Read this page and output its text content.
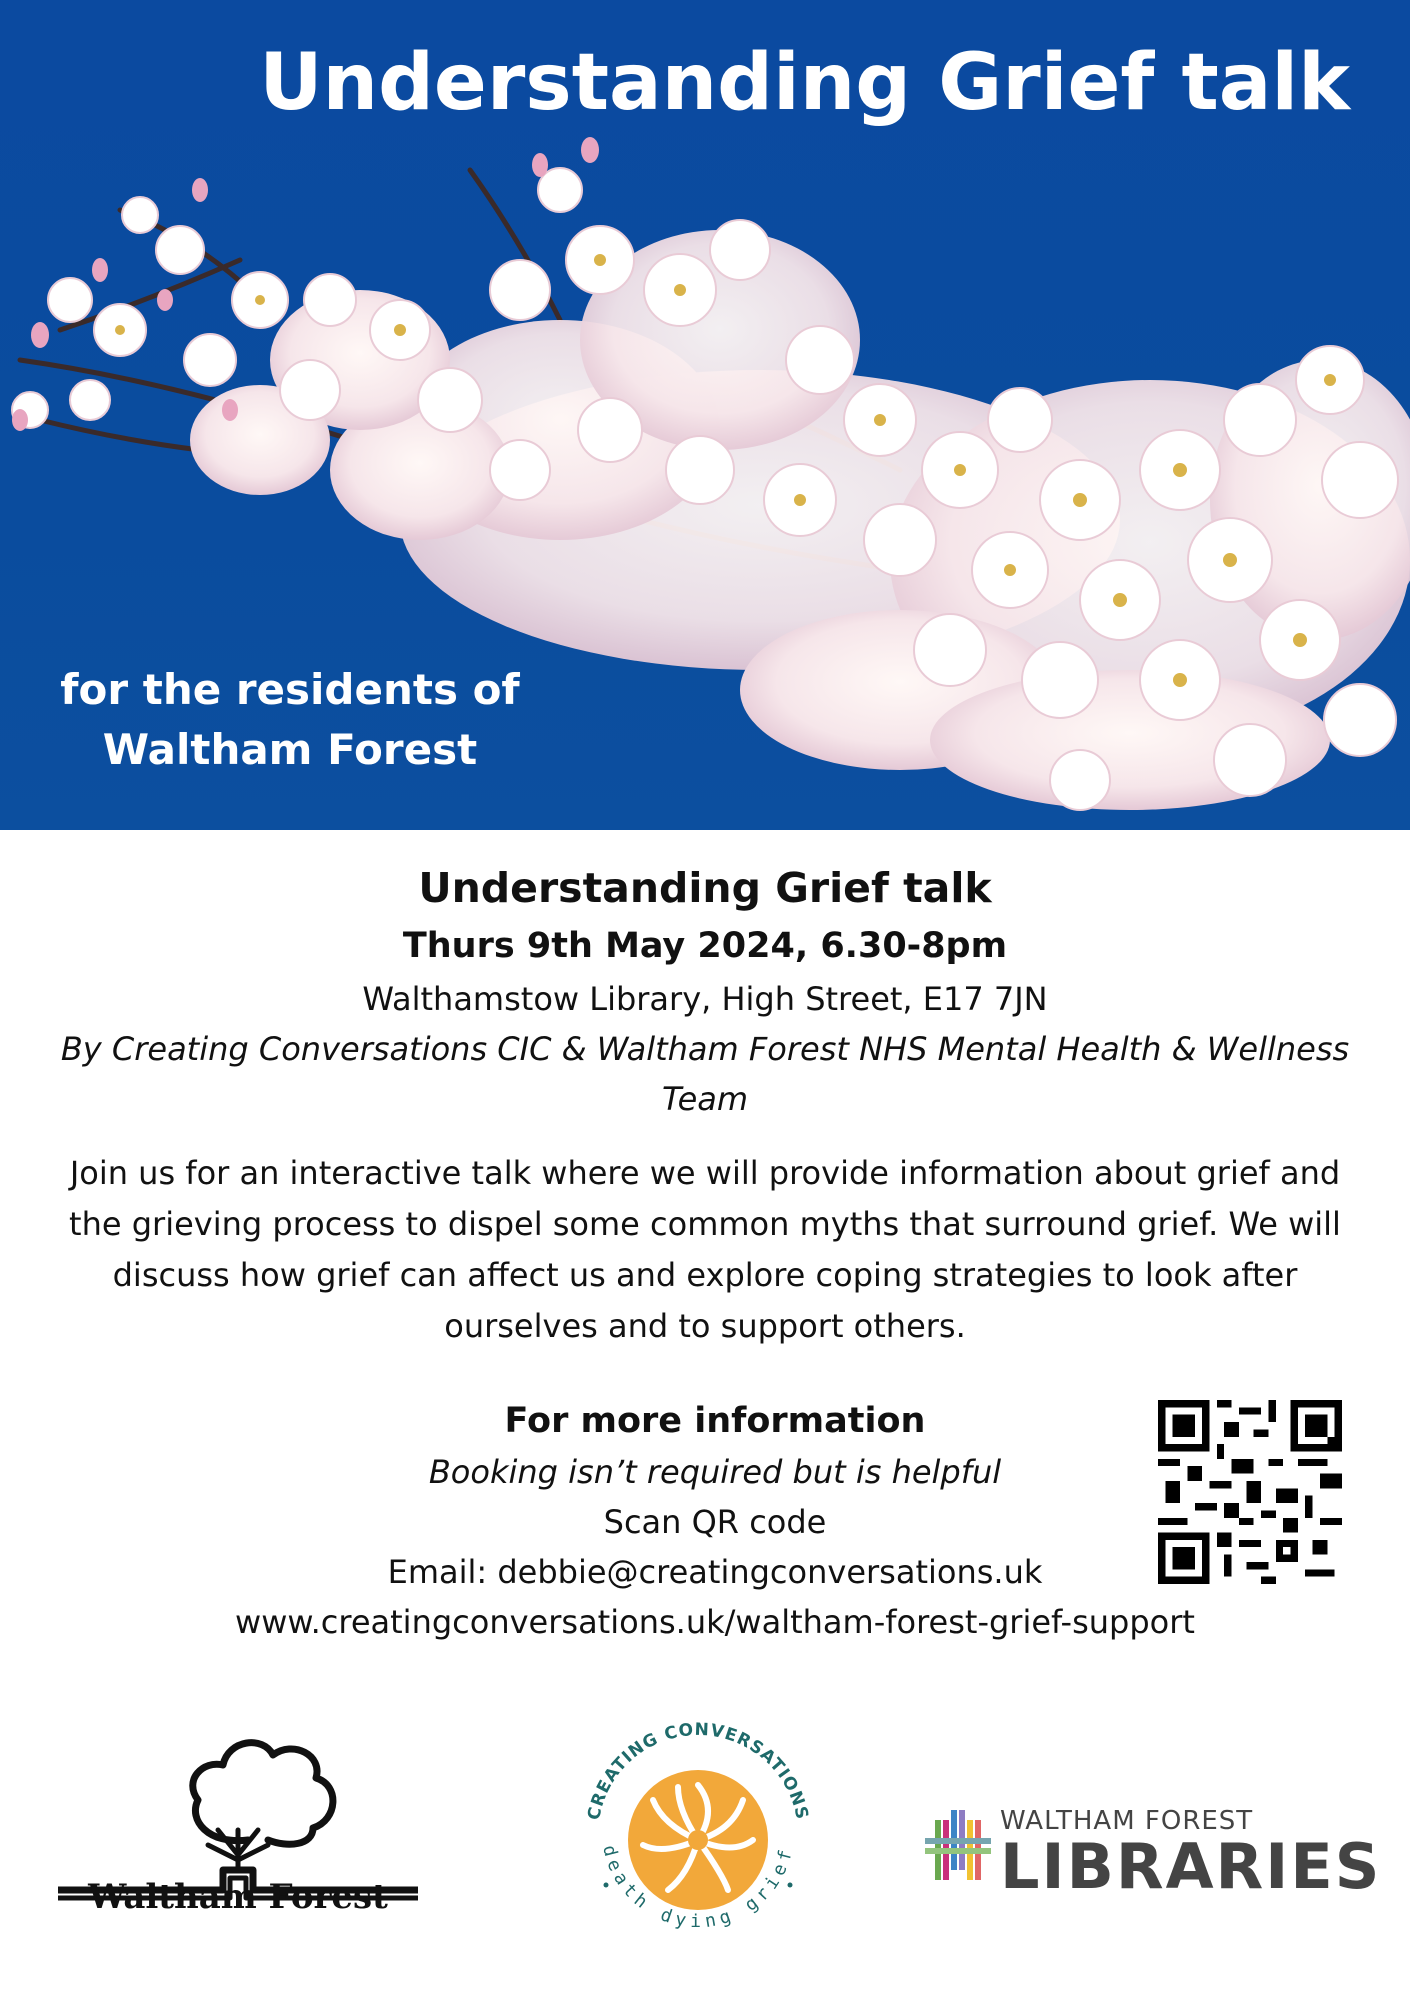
Understanding Grief talk
for the residents of
Waltham Forest
Understanding Grief talk
Thurs 9th May 2024, 6.30-8pm
Walthamstow Library, High Street, E17 7JN
By Creating Conversations CIC & Waltham Forest NHS Mental Health & Wellness Team
Join us for an interactive talk where we will provide information about grief and the grieving process to dispel some common myths that surround grief. We will discuss how grief can affect us and explore coping strategies to look after ourselves and to support others.
For more information
Booking isn’t required but is helpful
Scan QR code
Email: debbie@creatingconversations.uk
www.creatingconversations.uk/waltham-forest-grief-support
Waltham Forest
CREATING CONVERSATIONS
death dying grief
WALTHAM FOREST
LIBRARIES
